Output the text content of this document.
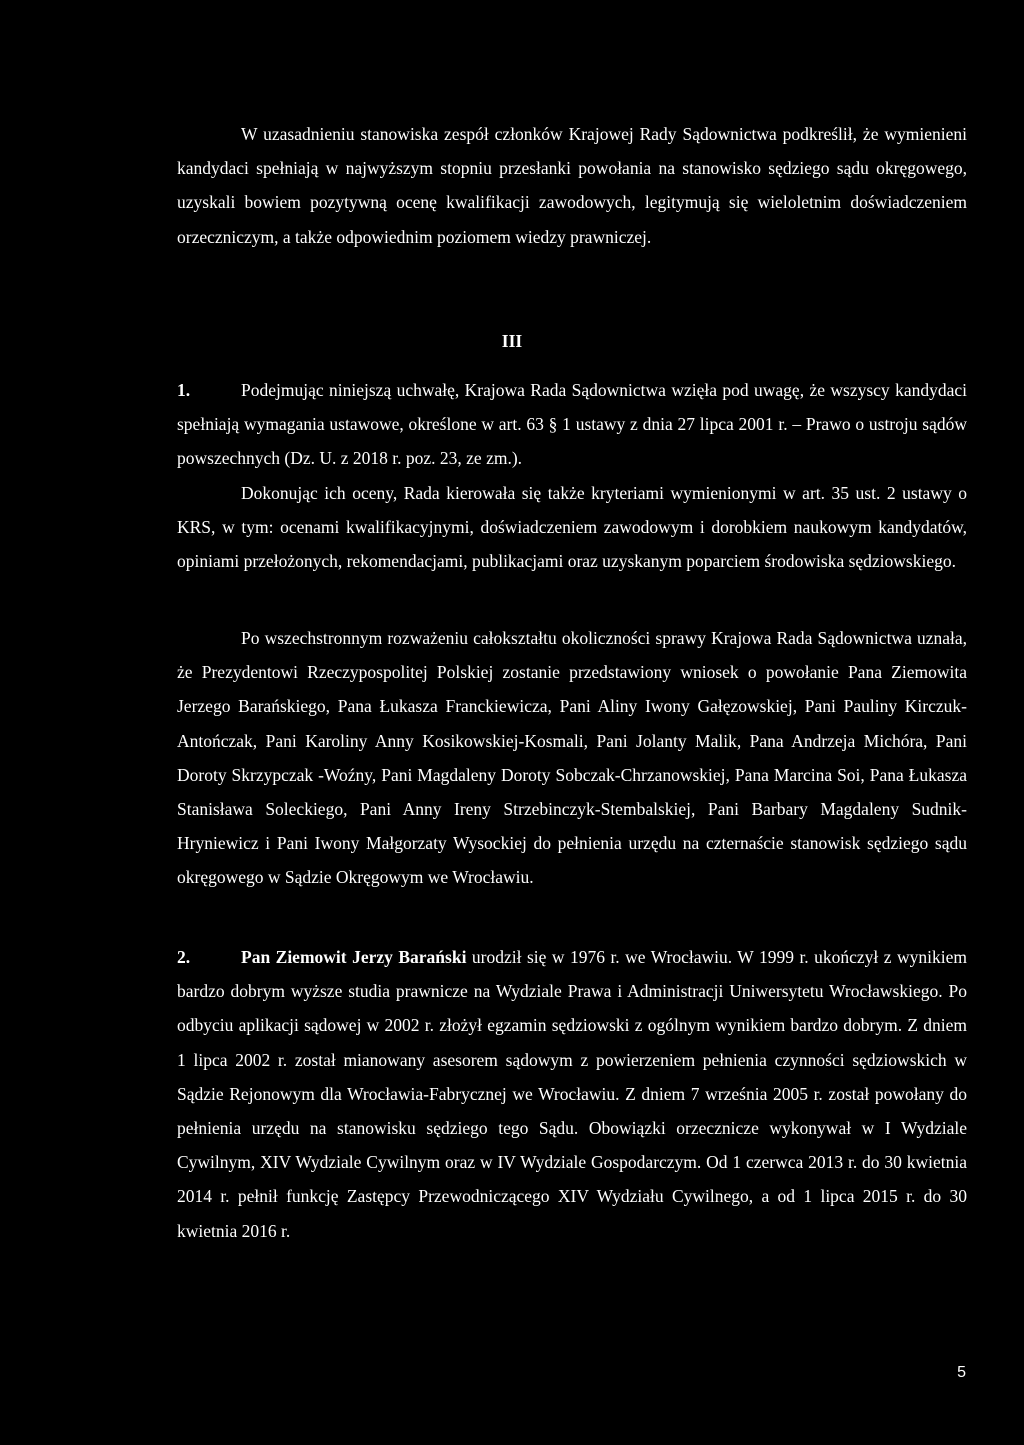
W uzasadnieniu stanowiska zespół członków Krajowej Rady Sądownictwa podkreślił, że wymienieni kandydaci spełniają w najwyższym stopniu przesłanki powołania na stanowisko sędziego sądu okręgowego, uzyskali bowiem pozytywną ocenę kwalifikacji zawodowych, legitymują się wieloletnim doświadczeniem orzeczniczym, a także odpowiednim poziomem wiedzy prawniczej.

III

1.	Podejmując niniejszą uchwałę, Krajowa Rada Sądownictwa wzięła pod uwagę, że wszyscy kandydaci spełniają wymagania ustawowe, określone w art. 63 § 1 ustawy z dnia 27 lipca 2001 r. – Prawo o ustroju sądów powszechnych (Dz. U. z 2018 r. poz. 23, ze zm.).

Dokonując ich oceny, Rada kierowała się także kryteriami wymienionymi w art. 35 ust. 2 ustawy o KRS, w tym: ocenami kwalifikacyjnymi, doświadczeniem zawodowym i dorobkiem naukowym kandydatów, opiniami przełożonych, rekomendacjami, publikacjami oraz uzyskanym poparciem środowiska sędziowskiego.

Po wszechstronnym rozważeniu całokształtu okoliczności sprawy Krajowa Rada Sądownictwa uznała, że Prezydentowi Rzeczypospolitej Polskiej zostanie przedstawiony wniosek o powołanie Pana Ziemowita Jerzego Barańskiego, Pana Łukasza Franckiewicza, Pani Aliny Iwony Gałęzowskiej, Pani Pauliny Kirczuk-Antończak, Pani Karoliny Anny Kosikowskiej-Kosmali, Pani Jolanty Malik, Pana Andrzeja Michóra, Pani Doroty Skrzypczak -Woźny, Pani Magdaleny Doroty Sobczak-Chrzanowskiej, Pana Marcina Soi, Pana Łukasza Stanisława Soleckiego, Pani Anny Ireny Strzebinczyk-Stembalskiej, Pani Barbary Magdaleny Sudnik-Hryniewicz i Pani Iwony Małgorzaty Wysockiej do pełnienia urzędu na czternaście stanowisk sędziego sądu okręgowego w Sądzie Okręgowym we Wrocławiu.

2.	Pan Ziemowit Jerzy Barański urodził się w 1976 r. we Wrocławiu. W 1999 r. ukończył z wynikiem bardzo dobrym wyższe studia prawnicze na Wydziale Prawa i Administracji Uniwersytetu Wrocławskiego. Po odbyciu aplikacji sądowej w 2002 r. złożył egzamin sędziowski z ogólnym wynikiem bardzo dobrym. Z dniem 1 lipca 2002 r. został mianowany asesorem sądowym z powierzeniem pełnienia czynności sędziowskich w Sądzie Rejonowym dla Wrocławia-Fabrycznej we Wrocławiu. Z dniem 7 września 2005 r. został powołany do pełnienia urzędu na stanowisku sędziego tego Sądu. Obowiązki orzecznicze wykonywał w I Wydziale Cywilnym, XIV Wydziale Cywilnym oraz w IV Wydziale Gospodarczym. Od 1 czerwca 2013 r. do 30 kwietnia 2014 r. pełnił funkcję Zastępcy Przewodniczącego XIV Wydziału Cywilnego, a od 1 lipca 2015 r. do 30 kwietnia 2016 r.

5
